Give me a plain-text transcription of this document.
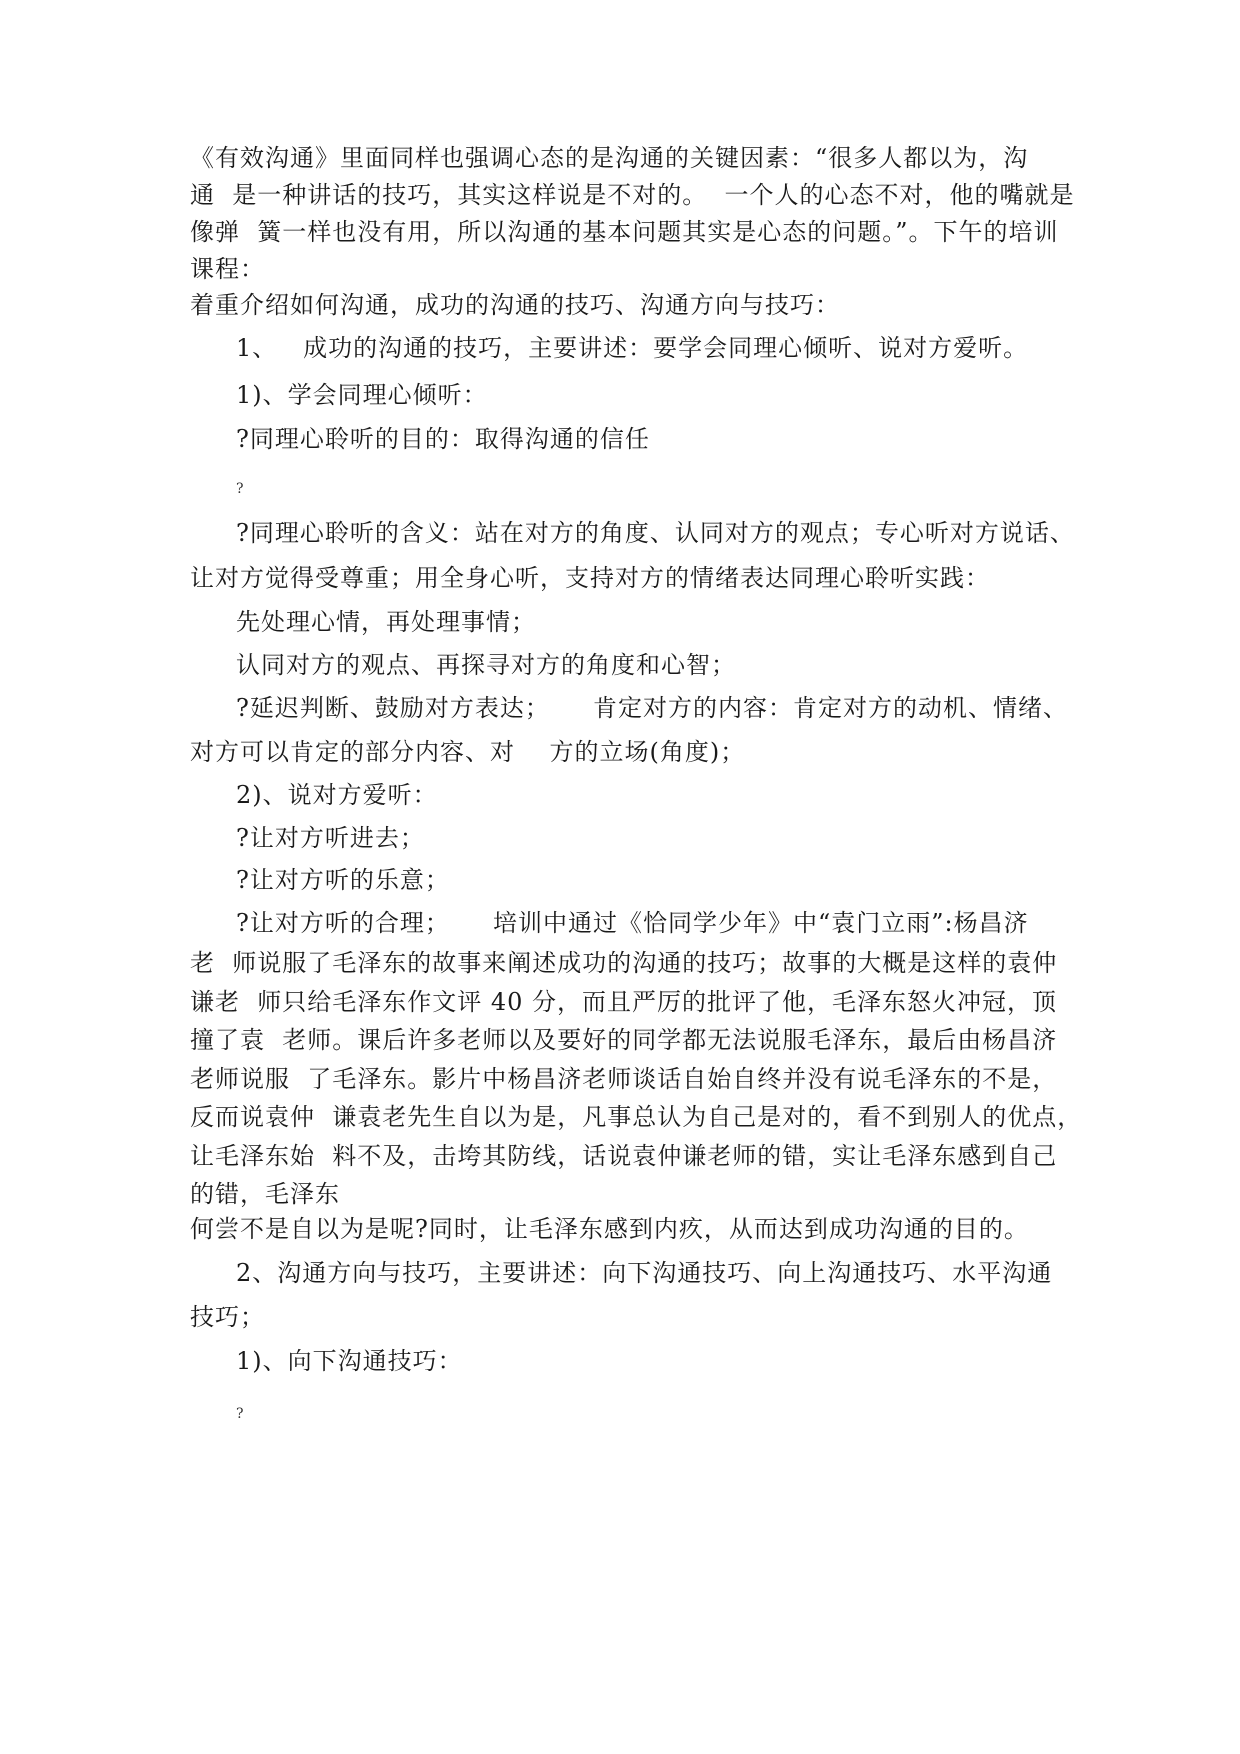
《有效沟通》里面同样也强调心态的是沟通的关键因素：“很多人都以为，沟
通  是一种讲话的技巧，其实这样说是不对的。  一个人的心态不对，他的嘴就是
像弹  簧一样也没有用，所以沟通的基本问题其实是心态的问题。”。下午的培训
课程：
着重介绍如何沟通，成功的沟通的技巧、沟通方向与技巧：
1、   成功的沟通的技巧，主要讲述：要学会同理心倾听、说对方爱听。
1)、学会同理心倾听：
?同理心聆听的目的：取得沟通的信任
?
?同理心聆听的含义：站在对方的角度、认同对方的观点；专心听对方说话、
让对方觉得受尊重；用全身心听，支持对方的情绪表达同理心聆听实践：
先处理心情，再处理事情；
认同对方的观点、再探寻对方的角度和心智；
?延迟判断、鼓励对方表达；     肯定对方的内容：肯定对方的动机、情绪、
对方可以肯定的部分内容、对    方的立场(角度)；
2)、说对方爱听：
?让对方听进去；
?让对方听的乐意；
?让对方听的合理；     培训中通过《恰同学少年》中“袁门立雨”:杨昌济
老  师说服了毛泽东的故事来阐述成功的沟通的技巧；故事的大概是这样的袁仲
谦老  师只给毛泽东作文评 40 分，而且严厉的批评了他，毛泽东怒火冲冠，顶
撞了袁  老师。课后许多老师以及要好的同学都无法说服毛泽东，最后由杨昌济
老师说服  了毛泽东。影片中杨昌济老师谈话自始自终并没有说毛泽东的不是，
反而说袁仲  谦袁老先生自以为是，凡事总认为自己是对的，看不到别人的优点，
让毛泽东始  料不及，击垮其防线，话说袁仲谦老师的错，实让毛泽东感到自己
的错，毛泽东
何尝不是自以为是呢?同时，让毛泽东感到内疚，从而达到成功沟通的目的。
2、沟通方向与技巧，主要讲述：向下沟通技巧、向上沟通技巧、水平沟通
技巧；
1)、向下沟通技巧：
?
